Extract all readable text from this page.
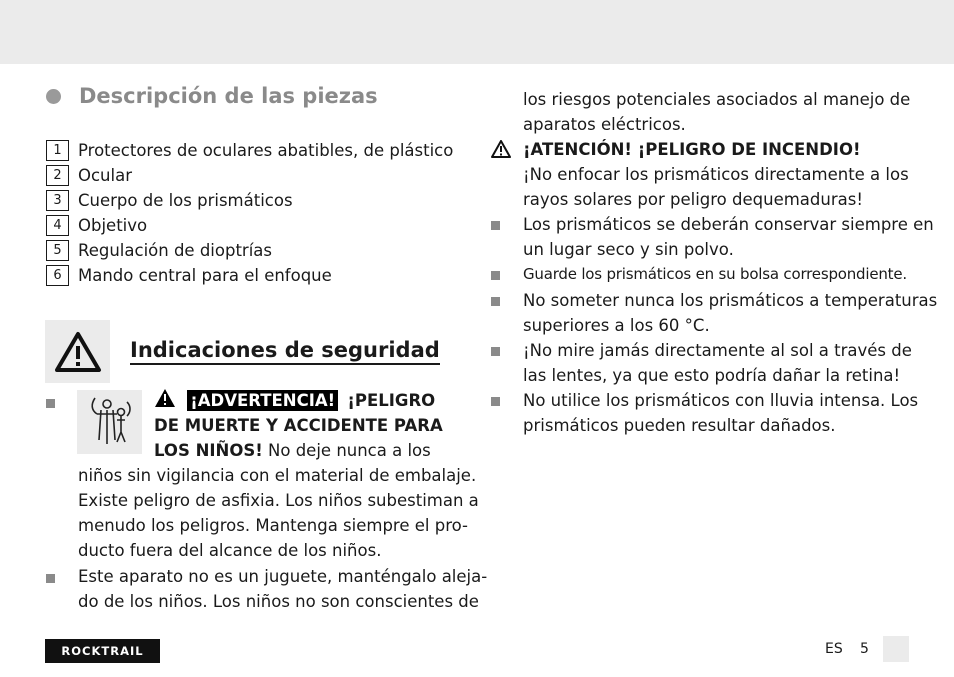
Descripción de las piezas
1 Protectores de oculares abatibles, de plástico
2 Ocular
3 Cuerpo de los prismáticos
4 Objetivo
5 Regulación de dioptrías
6 Mando central para el enfoque
Indicaciones de seguridad
¡ADVERTENCIA! ¡PELIGRO
DE MUERTE Y ACCIDENTE PARA
LOS NIÑOS! No deje nunca a los
niños sin vigilancia con el material de embalaje.
Existe peligro de asfixia. Los niños subestiman a
menudo los peligros. Mantenga siempre el pro-
ducto fuera del alcance de los niños.
Este aparato no es un juguete, manténgalo aleja-
do de los niños. Los niños no son conscientes de
los riesgos potenciales asociados al manejo de
aparatos eléctricos.
¡ATENCIÓN! ¡PELIGRO DE INCENDIO!
¡No enfocar los prismáticos directamente a los
rayos solares por peligro dequemaduras!
Los prismáticos se deberán conservar siempre en
un lugar seco y sin polvo.
Guarde los prismáticos en su bolsa correspondiente.
No someter nunca los prismáticos a temperaturas
superiores a los 60 °C.
¡No mire jamás directamente al sol a través de
las lentes, ya que esto podría dañar la retina!
No utilice los prismáticos con lluvia intensa. Los
prismáticos pueden resultar dañados.
ROCKTRAIL	ES 5
